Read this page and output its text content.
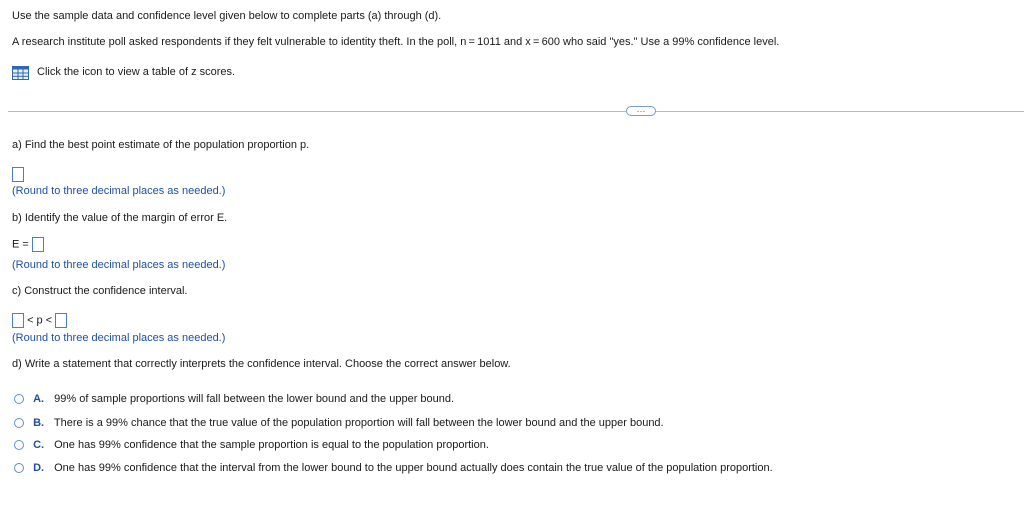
Use the sample data and confidence level given below to complete parts (a) through (d).
A research institute poll asked respondents if they felt vulnerable to identity theft. In the poll, n = 1011 and x = 600 who said "yes." Use a 99% confidence level.
Click the icon to view a table of z scores.
···
a) Find the best point estimate of the population proportion p.
(Round to three decimal places as needed.)
b) Identify the value of the margin of error E.
E =
(Round to three decimal places as needed.)
c) Construct the confidence interval.
< p <
(Round to three decimal places as needed.)
d) Write a statement that correctly interprets the confidence interval. Choose the correct answer below.
A. 99% of sample proportions will fall between the lower bound and the upper bound.
B. There is a 99% chance that the true value of the population proportion will fall between the lower bound and the upper bound.
C. One has 99% confidence that the sample proportion is equal to the population proportion.
D. One has 99% confidence that the interval from the lower bound to the upper bound actually does contain the true value of the population proportion.
